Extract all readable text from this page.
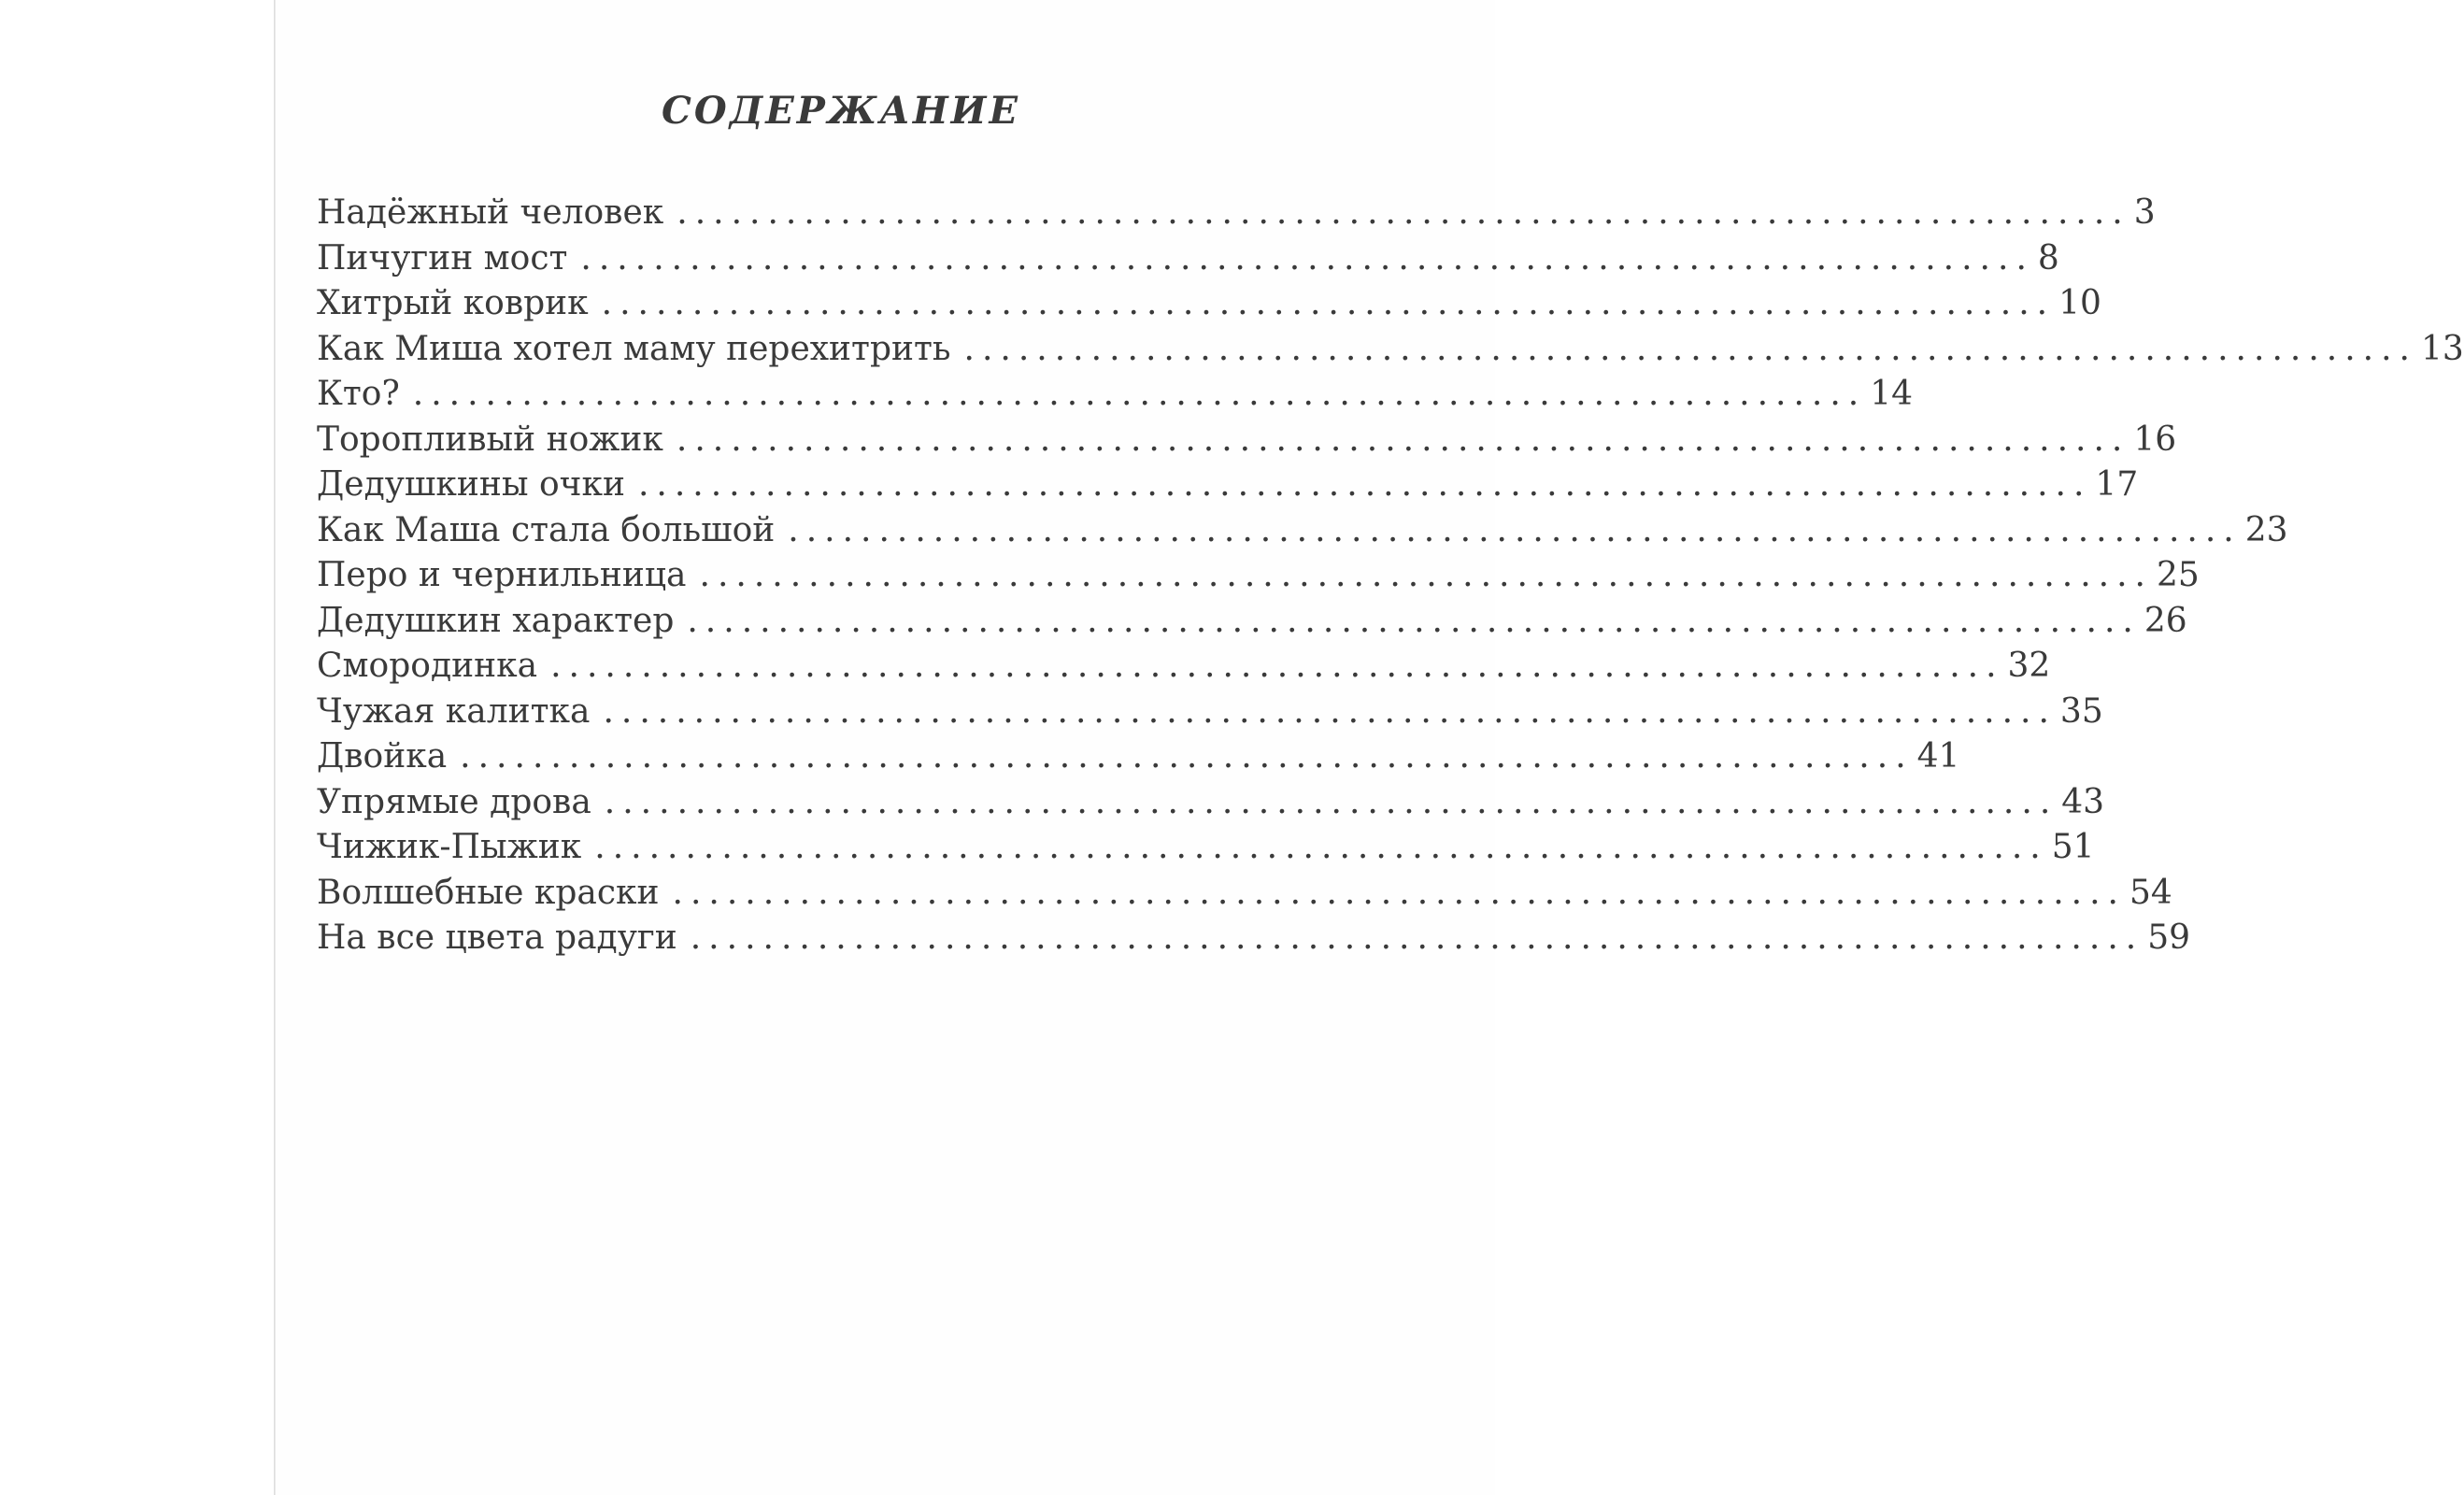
СОДЕРЖАНИЕ
Надёжный человек ................................................................................ 3
Пичугин мост ................................................................................ 8
Хитрый коврик ................................................................................ 10
Как Миша хотел маму перехитрить ................................................................................ 13
Кто? ................................................................................ 14
Торопливый ножик ................................................................................ 16
Дедушкины очки ................................................................................ 17
Как Маша стала большой ................................................................................ 23
Перо и чернильница ................................................................................ 25
Дедушкин характер ................................................................................ 26
Смородинка ................................................................................ 32
Чужая калитка ................................................................................ 35
Двойка ................................................................................ 41
Упрямые дрова ................................................................................ 43
Чижик-Пыжик ................................................................................ 51
Волшебные краски ................................................................................ 54
На все цвета радуги ................................................................................ 59
